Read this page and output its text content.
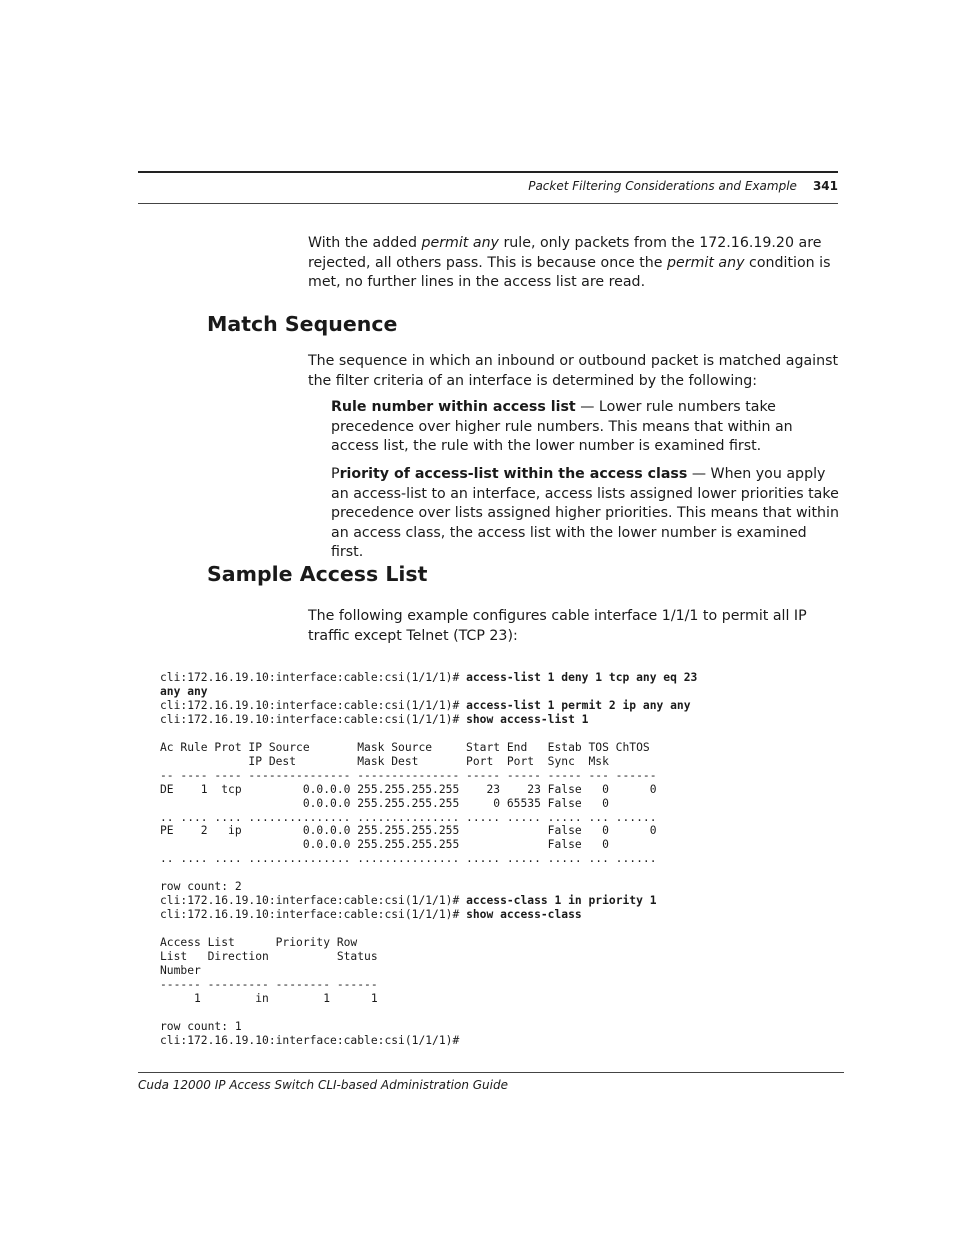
Packet Filtering Considerations and Example 341

With the added permit any rule, only packets from the 172.16.19.20 are rejected, all others pass. This is because once the permit any condition is met, no further lines in the access list are read.

Match Sequence

The sequence in which an inbound or outbound packet is matched against the filter criteria of an interface is determined by the following:

Rule number within access list — Lower rule numbers take precedence over higher rule numbers. This means that within an access list, the rule with the lower number is examined first.

Priority of access-list within the access class — When you apply an access-list to an interface, access lists assigned lower priorities take precedence over lists assigned higher priorities. This means that within an access class, the access list with the lower number is examined first.

Sample Access List

The following example configures cable interface 1/1/1 to permit all IP traffic except Telnet (TCP 23):

cli:172.16.19.10:interface:cable:csi(1/1/1)# access-list 1 deny 1 tcp any eq 23
any any
cli:172.16.19.10:interface:cable:csi(1/1/1)# access-list 1 permit 2 ip any any
cli:172.16.19.10:interface:cable:csi(1/1/1)# show access-list 1

Ac Rule Prot IP Source       Mask Source     Start End   Estab TOS ChTOS
IP Dest         Mask Dest       Port  Port  Sync  Msk
-- ---- ---- --------------- --------------- ----- ----- ----- --- ------
DE    1  tcp         0.0.0.0 255.255.255.255    23    23 False   0      0
0.0.0.0 255.255.255.255     0 65535 False   0
.. .... .... ............... ............... ..... ..... ..... ... ......
PE    2   ip         0.0.0.0 255.255.255.255             False   0      0
0.0.0.0 255.255.255.255             False   0
.. .... .... ............... ............... ..... ..... ..... ... ......

row count: 2
cli:172.16.19.10:interface:cable:csi(1/1/1)# access-class 1 in priority 1
cli:172.16.19.10:interface:cable:csi(1/1/1)# show access-class

Access List      Priority Row
List   Direction          Status
Number
------ --------- -------- ------
1        in        1      1

row count: 1
cli:172.16.19.10:interface:cable:csi(1/1/1)#
Cuda 12000 IP Access Switch CLI-based Administration Guide
